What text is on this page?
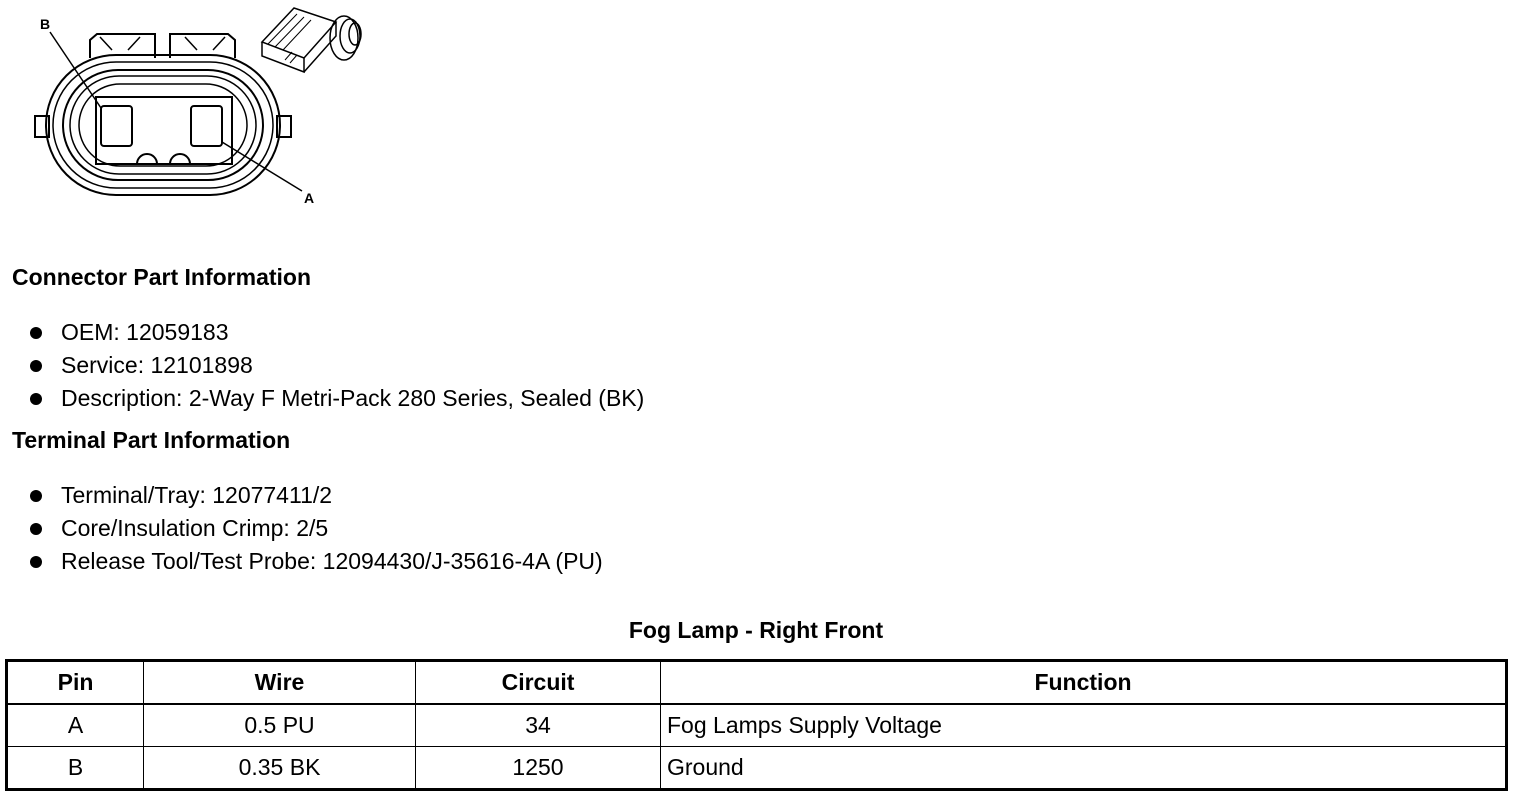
B
A
Connector Part Information
OEM: 12059183
Service: 12101898
Description: 2-Way F Metri-Pack 280 Series, Sealed (BK)
Terminal Part Information
Terminal/Tray: 12077411/2
Core/Insulation Crimp: 2/5
Release Tool/Test Probe: 12094430/J-35616-4A (PU)
Fog Lamp - Right Front
Pin	Wire	Circuit	Function
A	0.5 PU	34	Fog Lamps Supply Voltage
B	0.35 BK	1250	Ground
